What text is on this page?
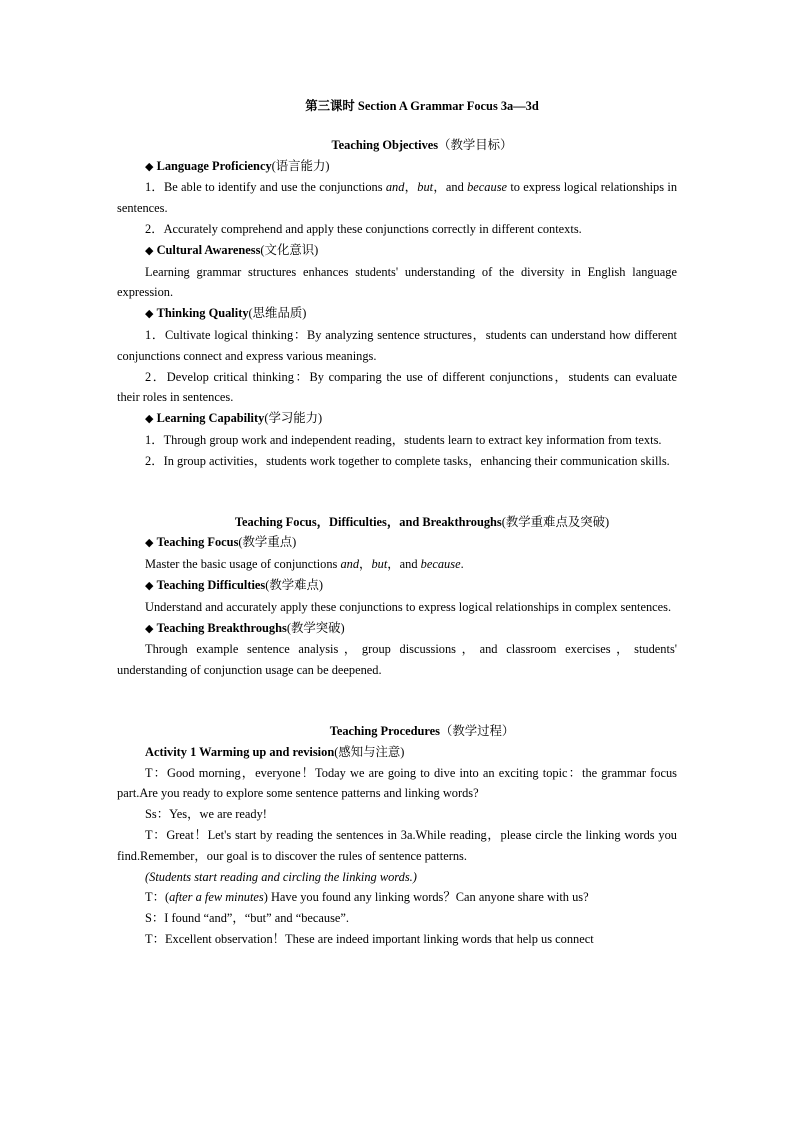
第三课时 Section A Grammar Focus 3a—3d
Teaching Objectives（教学目标）
◆ Language Proficiency(语言能力)
1．Be able to identify and use the conjunctions and，but，and because to express logical relationships in sentences.
2．Accurately comprehend and apply these conjunctions correctly in different contexts.
◆ Cultural Awareness(文化意识)
Learning grammar structures enhances students' understanding of the diversity in English language expression.
◆ Thinking Quality(思维品质)
1．Cultivate logical thinking：By analyzing sentence structures，students can understand how different conjunctions connect and express various meanings.
2．Develop critical thinking：By comparing the use of different conjunctions，students can evaluate their roles in sentences.
◆ Learning Capability(学习能力)
1．Through group work and independent reading，students learn to extract key information from texts.
2．In group activities，students work together to complete tasks，enhancing their communication skills.
Teaching Focus，Difficulties，and Breakthroughs(教学重难点及突破)
◆ Teaching Focus(教学重点)
Master the basic usage of conjunctions and，but，and because.
◆ Teaching Difficulties(教学难点)
Understand and accurately apply these conjunctions to express logical relationships in complex sentences.
◆ Teaching Breakthroughs(教学突破)
Through example sentence analysis，group discussions，and classroom exercises，students' understanding of conjunction usage can be deepened.
Teaching Procedures（教学过程）
Activity 1 Warming up and revision(感知与注意)
T：Good morning，everyone！Today we are going to dive into an exciting topic：the grammar focus part.Are you ready to explore some sentence patterns and linking words?
Ss：Yes，we are ready!
T：Great！Let's start by reading the sentences in 3a.While reading，please circle the linking words you find.Remember，our goal is to discover the rules of sentence patterns.
(Students start reading and circling the linking words.)
T：(after a few minutes) Have you found any linking words？Can anyone share with us?
S：I found “and”，“but” and “because”.
T：Excellent observation！These are indeed important linking words that help us connect
